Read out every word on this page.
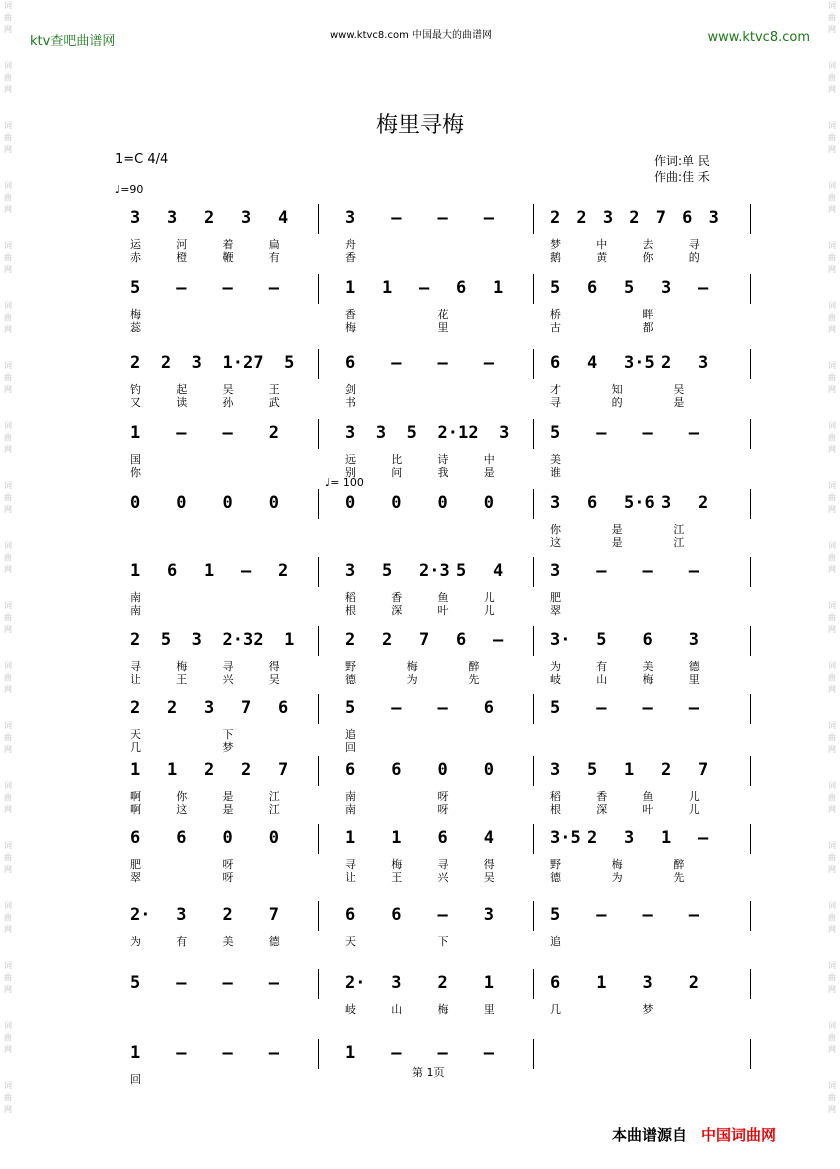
词曲网
词曲网
词曲网
词曲网
词曲网
词曲网
词曲网
词曲网
词曲网
词曲网
词曲网
词曲网
词曲网
词曲网
词曲网
词曲网
词曲网
词曲网
词曲网
词曲网
词曲网
词曲网
词曲网
词曲网
词曲网
词曲网
词曲网
词曲网
词曲网
词曲网
词曲网
词曲网
词曲网
词曲网
词曲网
词曲网
词曲网
词曲网
ktv查吧曲谱网	www.ktvc8.com 中国最大的曲谱网	www.ktvc8.com
梅里寻梅
1=C 4/4
♩=90
作词:单 民
作曲:佳 禾
♩= 100
3 3 2 3 4
运	河	着	扁
赤	橙	鞭	有
3 — — —
舟
香
2 2 3 2 7 6 3
梦	中	去	寻
鹅	黄	你	的
5 — — —
梅
蕊
1 1 — 6 1
香	花
梅	里
5 6 5 3 —
桥	畔
古	都
2 2 3 1·2 7 5
钓	起	吴	王
又	读	孙	武
6 — — —
剑
书
6 4 3·5 2 3
才	知	吴
寻	的	是
1 — — 2
国
你
3 3 5 2·1 2 3
远	比	诗	中
别	问	我	是
5 — — —
美
谁
0 0 0 0	0 0 0 0	3 6 5·6 3 2
你	是	江
这	是	江
1 6 1 — 2
南
南
3 5 2·3 5 4
稻	香	鱼	儿
根	深	叶	儿
3 — — —
肥
翠
2 5 3 2·3 2 1
寻	梅	寻	得
让	王	兴	吴
2 2 7 6 —
野	梅	醉
德	为	先
3· 5 6 3
为	有	美	德
岐	山	梅	里
2 2 3 7 6
天	下
几	梦
5 — — 6
追
回
5 — — —
1 1 2 2 7
啊	你	是	江
啊	这	是	江
6 6 0 0
南	呀
南	呀
3 5 1 2 7
稻	香	鱼	儿
根	深	叶	儿
6 6 0 0
肥	呀
翠	呀
1 1 6 4
寻	梅	寻	得
让	王	兴	吴
3·5 2 3 1 —
野	梅	醉
德	为	先
2· 3 2 7
为	有	美	德
6 6 — 3
天	下
5 — — —
追
5 — — —	2· 3 2 1
岐	山	梅	里
6 1 3 2
几	梦
1 — — —
回
1 — — —
第 1页
本曲谱源自 中国词曲网
